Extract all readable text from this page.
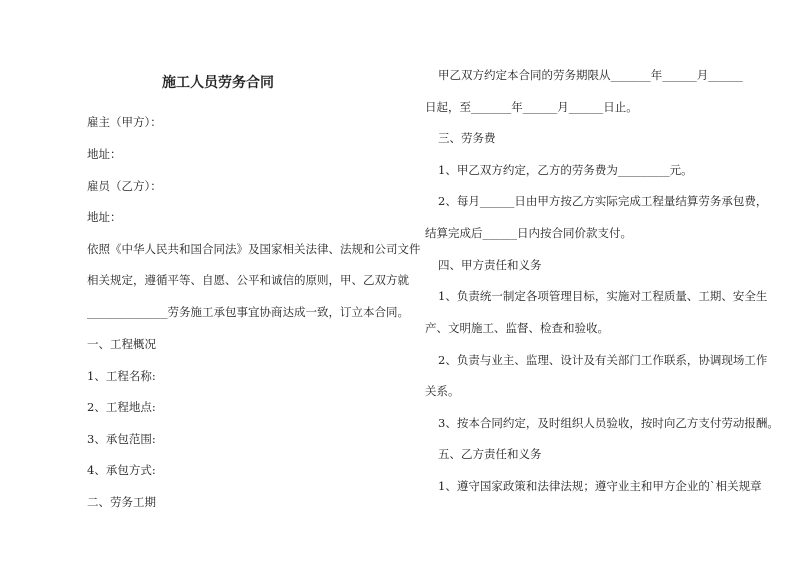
施工人员劳务合同

雇主（甲方）：

地址：

雇员（乙方）：

地址：

依照《中华人民共和国合同法》及国家相关法律、法规和公司文件

相关规定，遵循平等、自愿、公平和诚信的原则，甲、乙双方就

______________劳务施工承包事宜协商达成一致，订立本合同。

一、工程概况

1、工程名称:

2、工程地点:

3、承包范围:

4、承包方式:

二、劳务工期

甲乙双方约定本合同的劳务期限从_______年______月______

日起，至_______年______月______日止。

三、劳务费

1、甲乙双方约定，乙方的劳务费为_________元。

2、每月______日由甲方按乙方实际完成工程量结算劳务承包费，

结算完成后______日内按合同价款支付。

四、甲方责任和义务

1、负责统一制定各项管理目标，实施对工程质量、工期、安全生

产、文明施工、监督、检查和验收。

2、负责与业主、监理、设计及有关部门工作联系，协调现场工作

关系。

3、按本合同约定，及时组织人员验收，按时向乙方支付劳动报酬。

五、乙方责任和义务

1、遵守国家政策和法律法规；遵守业主和甲方企业的`相关规章
